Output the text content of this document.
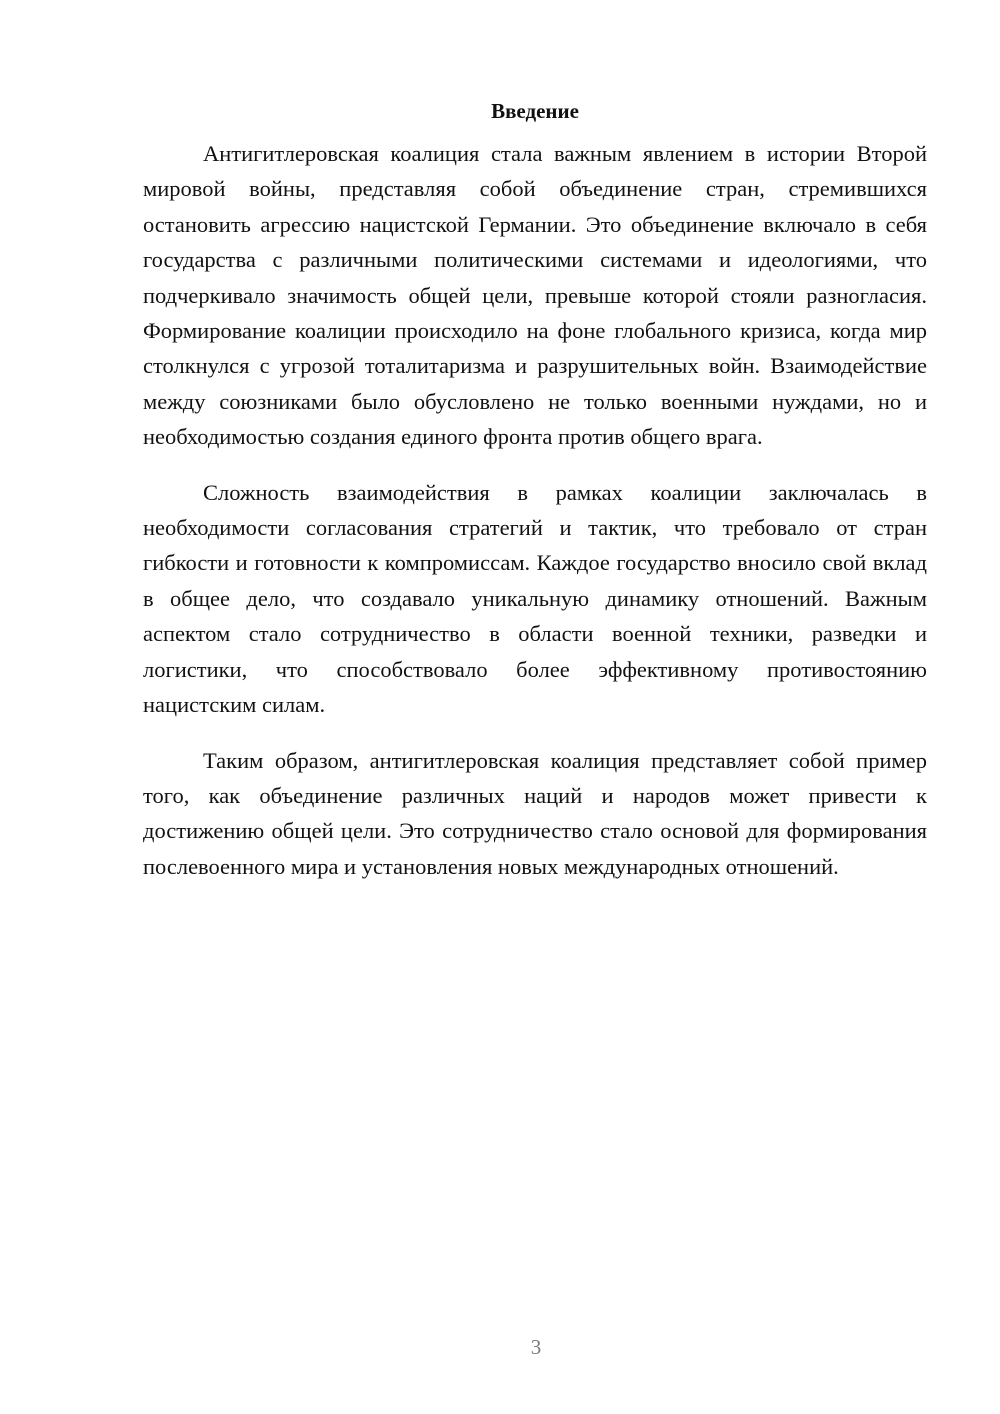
Введение

Антигитлеровская коалиция стала важным явлением в истории Второй мировой войны, представляя собой объединение стран, стремившихся остановить агрессию нацистской Германии. Это объединение включало в себя государства с различными политическими системами и идеологиями, что подчеркивало значимость общей цели, превыше которой стояли разногласия. Формирование коалиции происходило на фоне глобального кризиса, когда мир столкнулся с угрозой тоталитаризма и разрушительных войн. Взаимодействие между союзниками было обусловлено не только военными нуждами, но и необходимостью создания единого фронта против общего врага.

Сложность взаимодействия в рамках коалиции заключалась в необходимости согласования стратегий и тактик, что требовало от стран гибкости и готовности к компромиссам. Каждое государство вносило свой вклад в общее дело, что создавало уникальную динамику отношений. Важным аспектом стало сотрудничество в области военной техники, разведки и логистики, что способствовало более эффективному противостоянию нацистским силам.

Таким образом, антигитлеровская коалиция представляет собой пример того, как объединение различных наций и народов может привести к достижению общей цели. Это сотрудничество стало основой для формирования послевоенного мира и установления новых международных отношений.

3
